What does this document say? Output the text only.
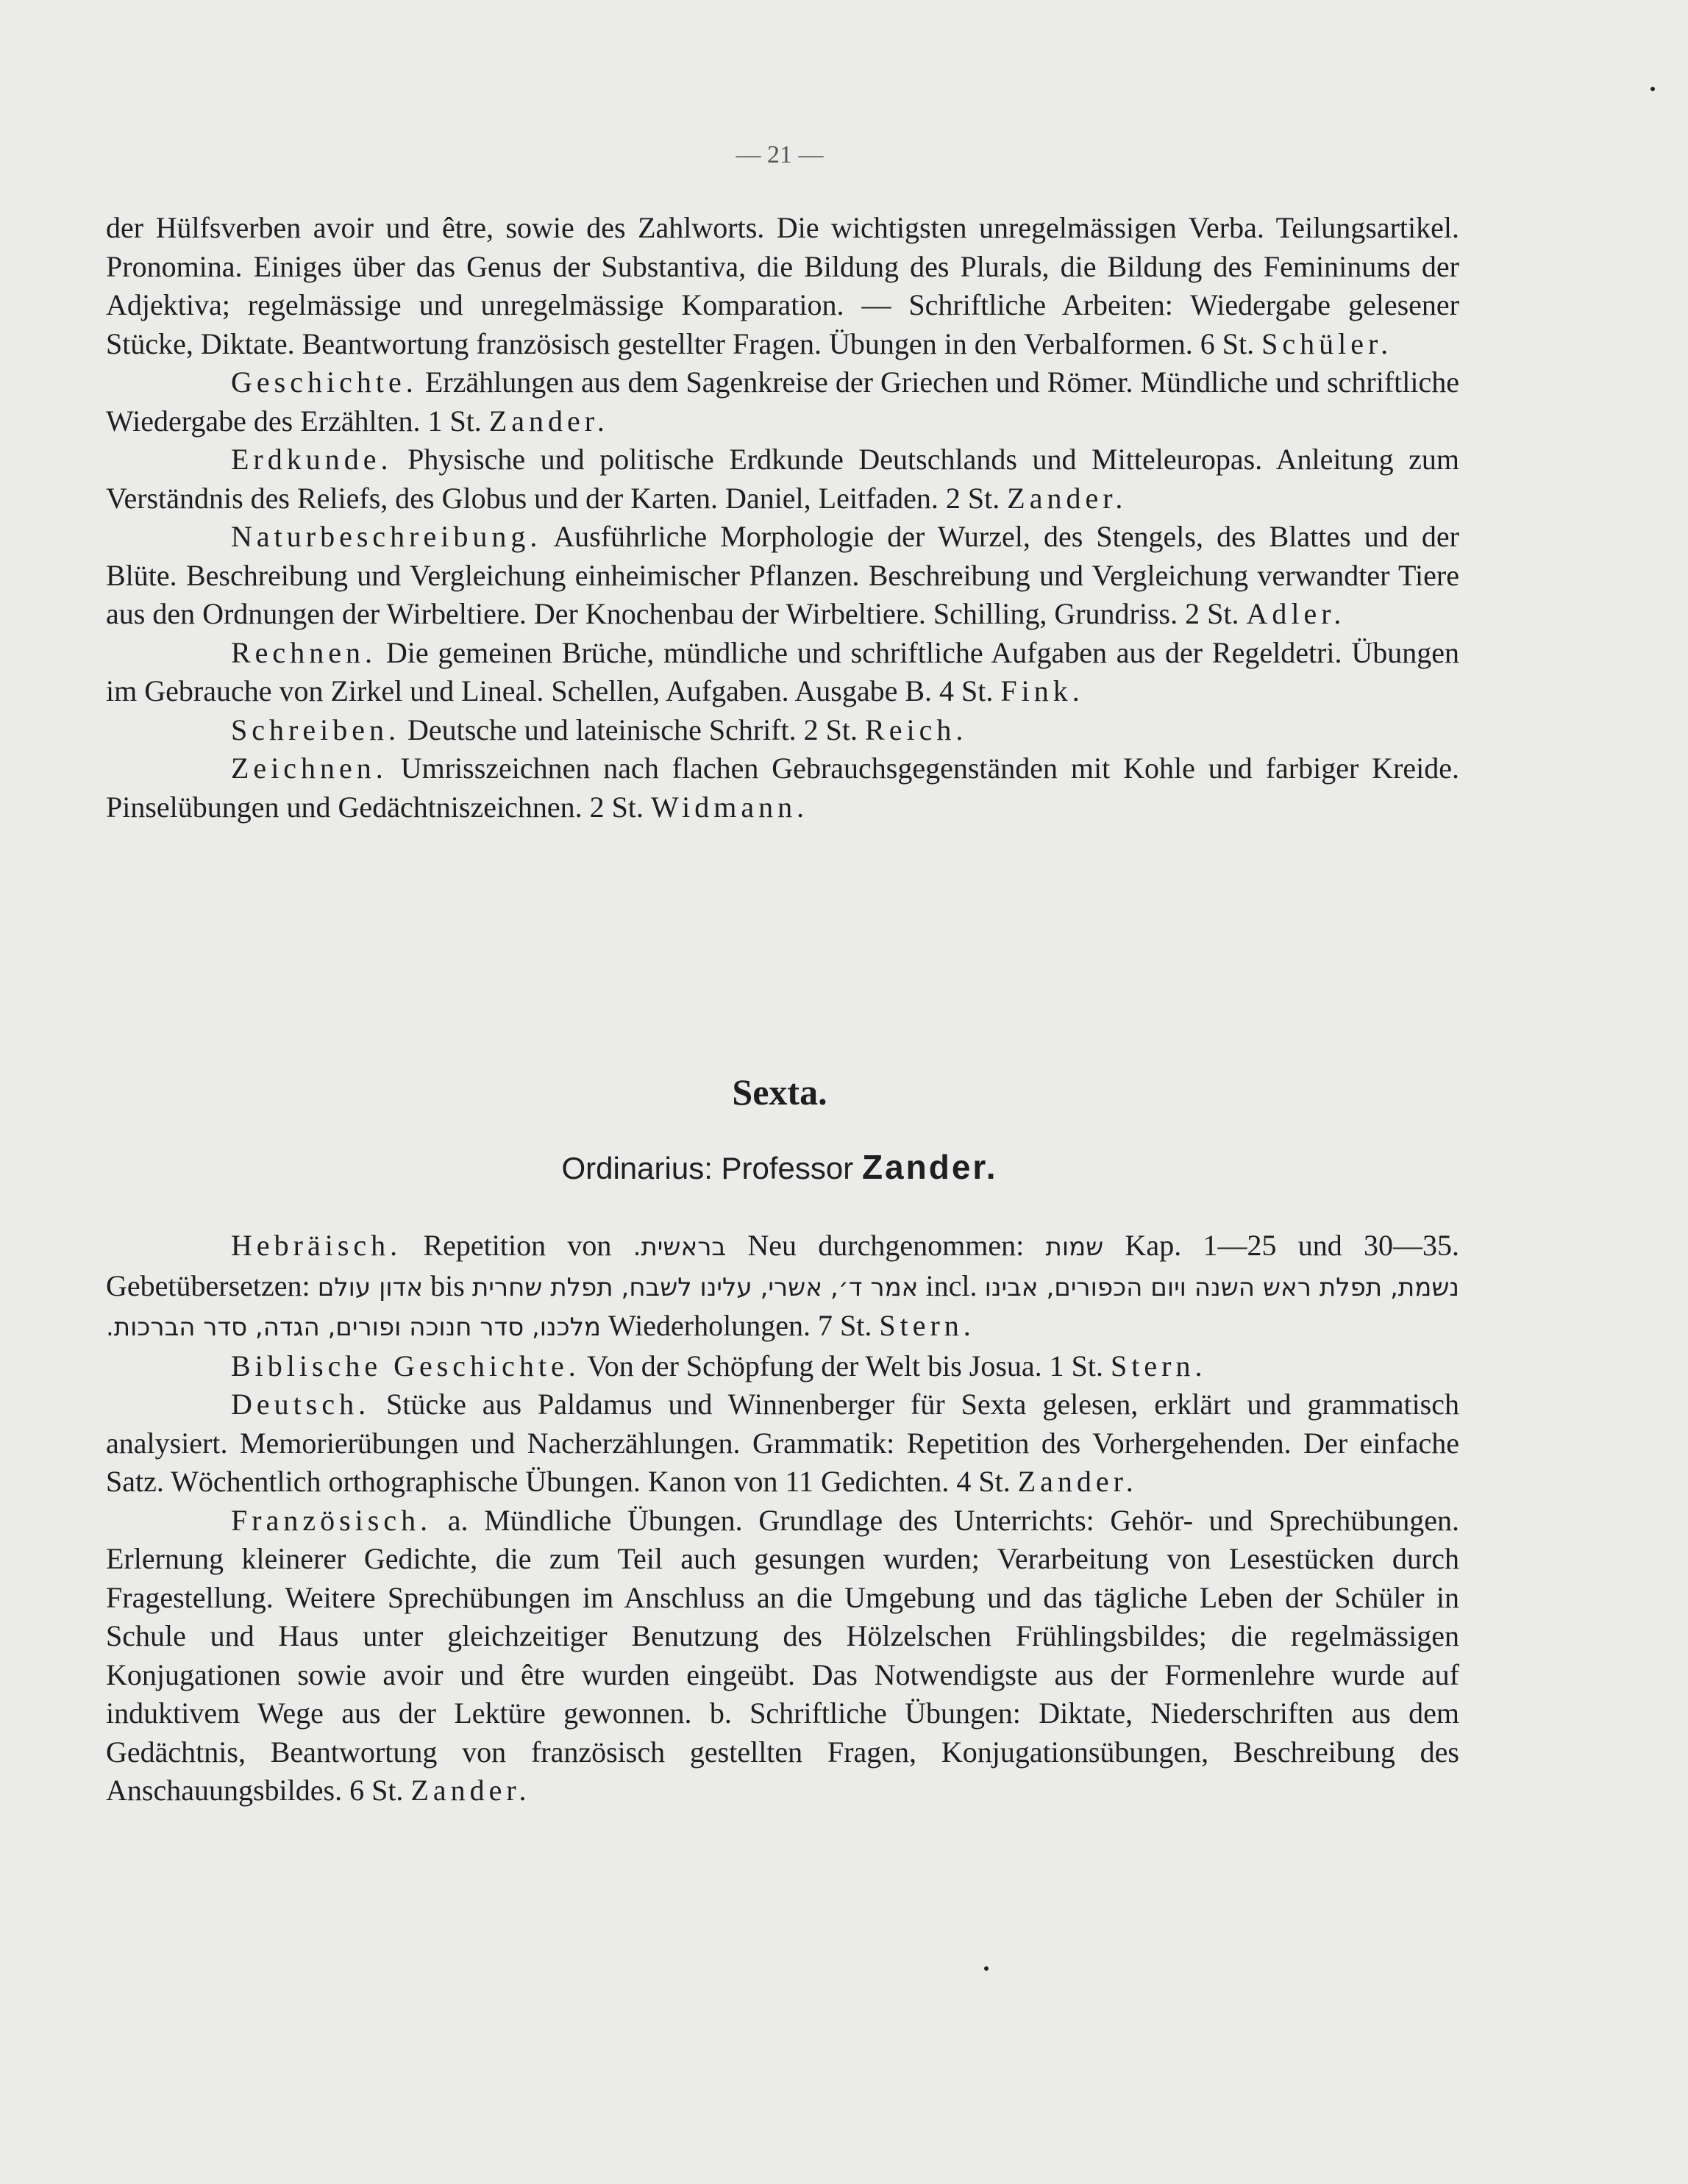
— 21 —

der Hülfsverben avoir und être, sowie des Zahlworts. Die wichtigsten unregelmässigen Verba. Teilungsartikel. Pronomina. Einiges über das Genus der Substantiva, die Bildung des Plurals, die Bildung des Femininums der Adjektiva; regelmässige und unregelmässige Komparation. — Schriftliche Arbeiten: Wiedergabe gelesener Stücke, Diktate. Beantwortung französisch gestellter Fragen. Übungen in den Verbalformen. 6 St. Schüler.

Geschichte. Erzählungen aus dem Sagenkreise der Griechen und Römer. Mündliche und schriftliche Wiedergabe des Erzählten. 1 St. Zander.

Erdkunde. Physische und politische Erdkunde Deutschlands und Mitteleuropas. Anleitung zum Verständnis des Reliefs, des Globus und der Karten. Daniel, Leitfaden. 2 St. Zander.

Naturbeschreibung. Ausführliche Morphologie der Wurzel, des Stengels, des Blattes und der Blüte. Beschreibung und Vergleichung einheimischer Pflanzen. Beschreibung und Vergleichung verwandter Tiere aus den Ordnungen der Wirbeltiere. Der Knochenbau der Wirbeltiere. Schilling, Grundriss. 2 St. Adler.

Rechnen. Die gemeinen Brüche, mündliche und schriftliche Aufgaben aus der Regeldetri. Übungen im Gebrauche von Zirkel und Lineal. Schellen, Aufgaben. Ausgabe B. 4 St. Fink.

Schreiben. Deutsche und lateinische Schrift. 2 St. Reich.

Zeichnen. Umrisszeichnen nach flachen Gebrauchsgegenständen mit Kohle und farbiger Kreide. Pinselübungen und Gedächtniszeichnen. 2 St. Widmann.

Sexta.
Ordinarius: Professor Zander.

Hebräisch. Repetition von בראשית. Neu durchgenommen: שמות Kap. 1—25 und 30—35. Gebetübersetzen: אדון עולם bis אמר ד׳, אשרי, עלינו לשבח, תפלת שחרית incl. נשמת, תפלת ראש השנה ויום הכפורים, אבינו מלכנו, סדר חנוכה ופורים, הגדה, סדר הברכות. Wiederholungen. 7 St. Stern.

Biblische Geschichte. Von der Schöpfung der Welt bis Josua. 1 St. Stern.

Deutsch. Stücke aus Paldamus und Winnenberger für Sexta gelesen, erklärt und grammatisch analysiert. Memorierübungen und Nacherzählungen. Grammatik: Repetition des Vorhergehenden. Der einfache Satz. Wöchentlich orthographische Übungen. Kanon von 11 Gedichten. 4 St. Zander.

Französisch. a. Mündliche Übungen. Grundlage des Unterrichts: Gehör- und Sprechübungen. Erlernung kleinerer Gedichte, die zum Teil auch gesungen wurden; Verarbeitung von Lesestücken durch Fragestellung. Weitere Sprechübungen im Anschluss an die Umgebung und das tägliche Leben der Schüler in Schule und Haus unter gleichzeitiger Benutzung des Hölzelschen Frühlingsbildes; die regelmässigen Konjugationen sowie avoir und être wurden eingeübt. Das Notwendigste aus der Formenlehre wurde auf induktivem Wege aus der Lektüre gewonnen. b. Schriftliche Übungen: Diktate, Niederschriften aus dem Gedächtnis, Beantwortung von französisch gestellten Fragen, Konjugationsübungen, Beschreibung des Anschauungsbildes. 6 St. Zander.
